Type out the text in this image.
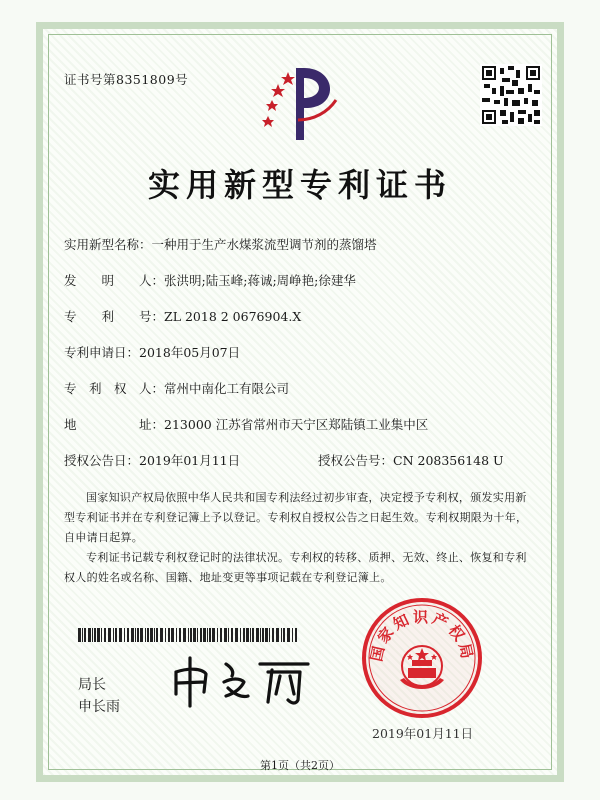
证书号第8351809号
实用新型专利证书
实用新型名称：一种用于生产水煤浆流型调节剂的蒸馏塔
发　　明　　人：张洪明;陆玉峰;蒋诚;周峥艳;徐建华
专　　利　　号：ZL 2018 2 0676904.X
专利申请日：2018年05月07日
专　利　权　人：常州中南化工有限公司
地　　　　　址：213000 江苏省常州市天宁区郑陆镇工业集中区
授权公告日：2019年01月11日	授权公告号：CN 208356148 U
国家知识产权局依照中华人民共和国专利法经过初步审查，决定授予专利权，颁发实用新型专利证书并在专利登记簿上予以登记。专利权自授权公告之日起生效。专利权期限为十年，自申请日起算。
专利证书记载专利权登记时的法律状况。专利权的转移、质押、无效、终止、恢复和专利权人的姓名或名称、国籍、地址变更等事项记载在专利登记簿上。
局长
申长雨
国家知识产权局
2019年01月11日
第1页（共2页）
